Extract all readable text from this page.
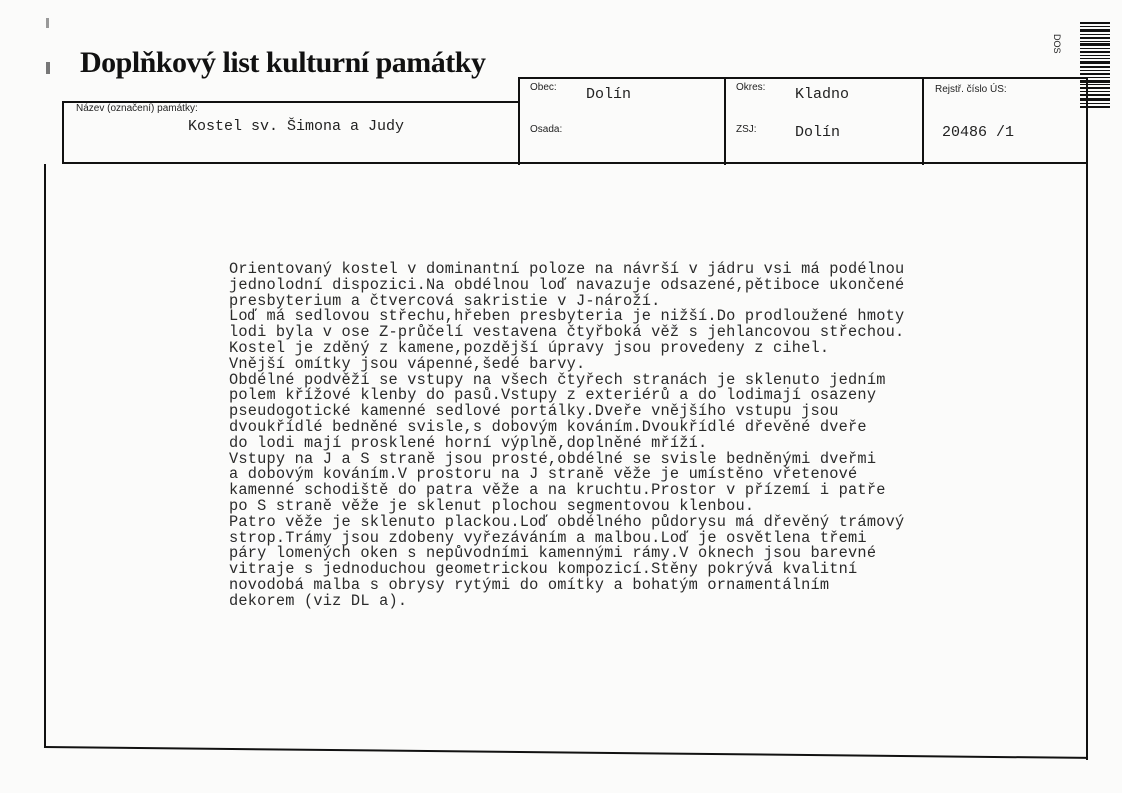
Doplňkový list kulturní památky
Název (označení) památky:
Kostel sv. Šimona a Judy
Obec: Dolín
Osada:
Okres: Kladno
ZSJ:	Dolín
Rejstř. číslo ÚS:
20486 /1
DOS
Orientovaný kostel v dominantní poloze na návrší v jádru vsi má podélnou
jednolodní dispozici.Na obdélnou loď navazuje odsazené,pětiboce ukončené
presbyterium a čtvercová sakristie v J-nároží.
Loď má sedlovou střechu,hřeben presbyteria je nižší.Do prodloužené hmoty
lodi byla v ose Z-průčelí vestavena čtyřboká věž s jehlancovou střechou.
Kostel je zděný z kamene,pozdější úpravy jsou provedeny z cihel.
Vnější omítky jsou vápenné,šedé barvy.
Obdélné podvěží se vstupy na všech čtyřech stranách je sklenuto jedním
polem křížové klenby do pasů.Vstupy z exteriérů a do lodimají osazeny
pseudogotické kamenné sedlové portálky.Dveře vnějšího vstupu jsou
dvoukřídlé bedněné svisle,s dobovým kováním.Dvoukřídlé dřevěné dveře
do lodi mají prosklené horní výplně,doplněné mříží.
Vstupy na J a S straně jsou prosté,obdélné se svisle bedněnými dveřmi
a dobovým kováním.V prostoru na J straně věže je umístěno vřetenové
kamenné schodiště do patra věže a na kruchtu.Prostor v přízemí i patře
po S straně věže je sklenut plochou segmentovou klenbou.
Patro věže je sklenuto plackou.Loď obdélného půdorysu má dřevěný trámový
strop.Trámy jsou zdobeny vyřezáváním a malbou.Loď je osvětlena třemi
páry lomených oken s nepůvodními kamennými rámy.V oknech jsou barevné
vitraje s jednoduchou geometrickou kompozicí.Stěny pokrývá kvalitní
novodobá malba s obrysy rytými do omítky a bohatým ornamentálním
dekorem (viz DL a).
